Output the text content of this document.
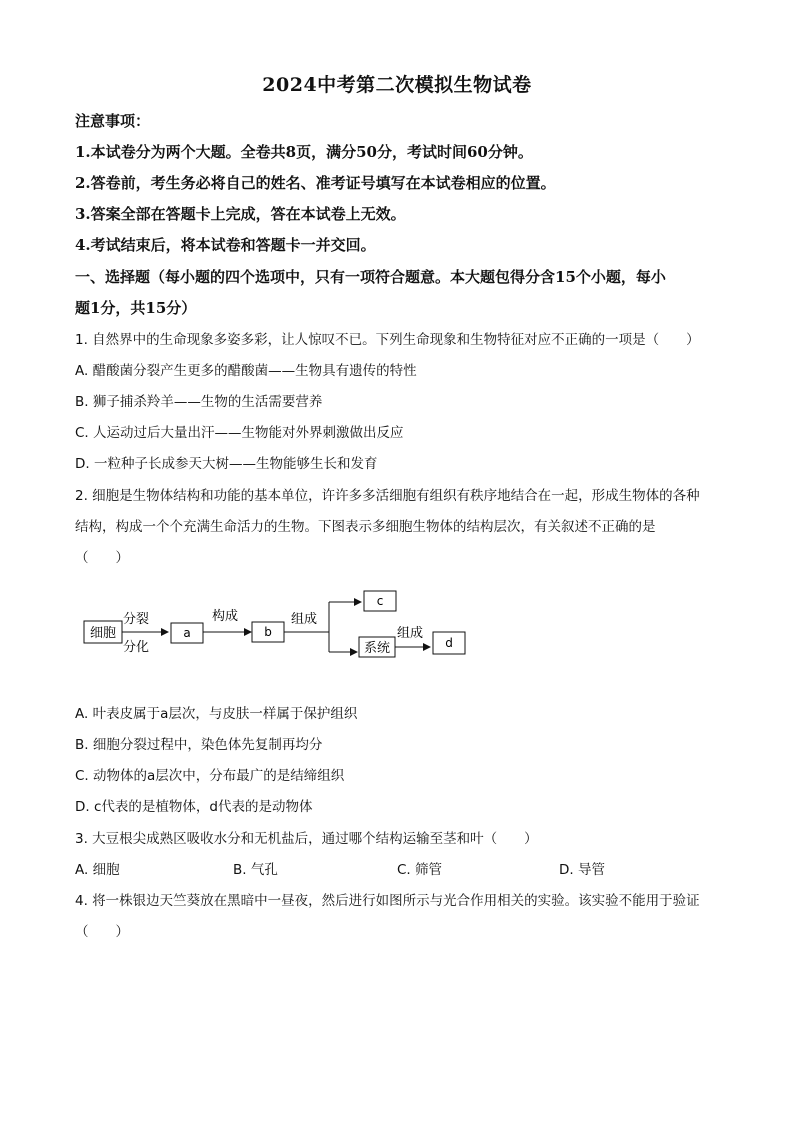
2024中考第二次模拟生物试卷
注意事项：
1.本试卷分为两个大题。全卷共8页，满分50分，考试时间60分钟。
2.答卷前，考生务必将自己的姓名、准考证号填写在本试卷相应的位置。
3.答案全部在答题卡上完成，答在本试卷上无效。
4.考试结束后，将本试卷和答题卡一并交回。
一、选择题（每小题的四个选项中，只有一项符合题意。本大题包得分含15个小题，每小
题1分，共15分）
1. 自然界中的生命现象多姿多彩，让人惊叹不已。下列生命现象和生物特征对应不正确的一项是（　　）
A. 醋酸菌分裂产生更多的醋酸菌——生物具有遗传的特性
B. 狮子捕杀羚羊——生物的生活需要营养
C. 人运动过后大量出汗——生物能对外界刺激做出反应
D. 一粒种子长成参天大树——生物能够生长和发育
2. 细胞是生物体结构和功能的基本单位，许许多多活细胞有组织有秩序地结合在一起，形成生物体的各种
结构，构成一个个充满生命活力的生物。下图表示多细胞生物体的结构层次，有关叙述不正确的是
（　　）
细胞
分裂
分化
a
构成
b
组成
c
系统
组成
d
A. 叶表皮属于a层次，与皮肤一样属于保护组织
B. 细胞分裂过程中，染色体先复制再均分
C. 动物体的a层次中，分布最广的是结缔组织
D. c代表的是植物体，d代表的是动物体
3. 大豆根尖成熟区吸收水分和无机盐后，通过哪个结构运输至茎和叶（　　）
A. 细胞	B. 气孔	C. 筛管	D. 导管
4. 将一株银边天竺葵放在黑暗中一昼夜，然后进行如图所示与光合作用相关的实验。该实验不能用于验证
（　　）
